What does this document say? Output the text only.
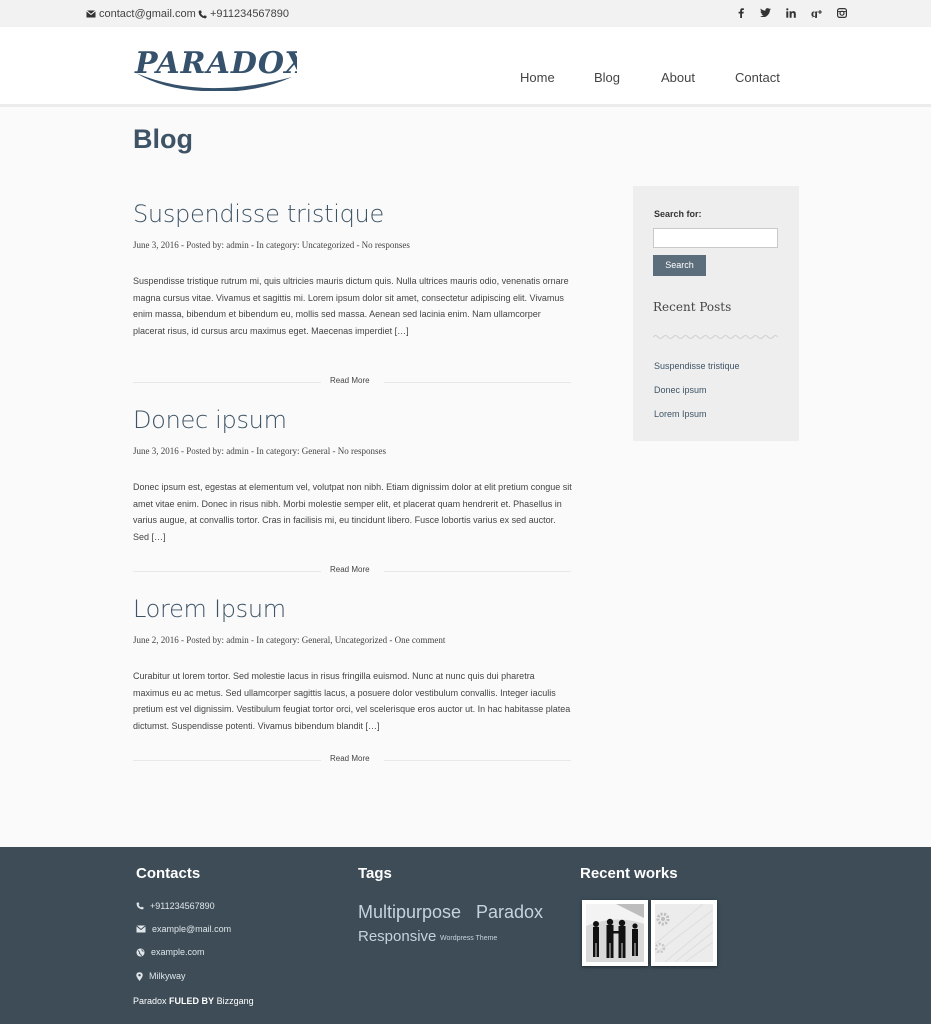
contact@gmail.com +911234567890	g
PARADOX	Home	Blog	About	Contact
Blog
Suspendisse tristique
June 3, 2016 - Posted by: admin - In category: Uncategorized - No responses
Suspendisse tristique rutrum mi, quis ultricies mauris dictum quis. Nulla ultrices mauris odio, venenatis ornare magna cursus vitae. Vivamus et sagittis mi. Lorem ipsum dolor sit amet, consectetur adipiscing elit. Vivamus enim massa, bibendum et bibendum eu, mollis sed massa. Aenean sed lacinia enim. Nam ullamcorper placerat risus, id cursus arcu maximus eget. Maecenas imperdiet […]
Read More
Donec ipsum
June 3, 2016 - Posted by: admin - In category: General - No responses
Donec ipsum est, egestas at elementum vel, volutpat non nibh. Etiam dignissim dolor at elit pretium congue sit amet vitae enim. Donec in risus nibh. Morbi molestie semper elit, et placerat quam hendrerit et. Phasellus in varius augue, at convallis tortor. Cras in facilisis mi, eu tincidunt libero. Fusce lobortis varius ex sed auctor. Sed […]
Read More
Lorem Ipsum
June 2, 2016 - Posted by: admin - In category: General, Uncategorized - One comment
Curabitur ut lorem tortor. Sed molestie lacus in risus fringilla euismod. Nunc at nunc quis dui pharetra maximus eu ac metus. Sed ullamcorper sagittis lacus, a posuere dolor vestibulum convallis. Integer iaculis pretium est vel dignissim. Vestibulum feugiat tortor orci, vel scelerisque eros auctor ut. In hac habitasse platea dictumst. Suspendisse potenti. Vivamus bibendum blandit […]
Read More
Search for:
Search
Recent Posts
Suspendisse tristique
Donec ipsum
Lorem Ipsum
Contacts
+911234567890
example@mail.com
example.com
Milkyway
Tags
Multipurpose Paradox
Responsive Wordpress Theme
Recent works
Paradox FULED BY Bizzgang
